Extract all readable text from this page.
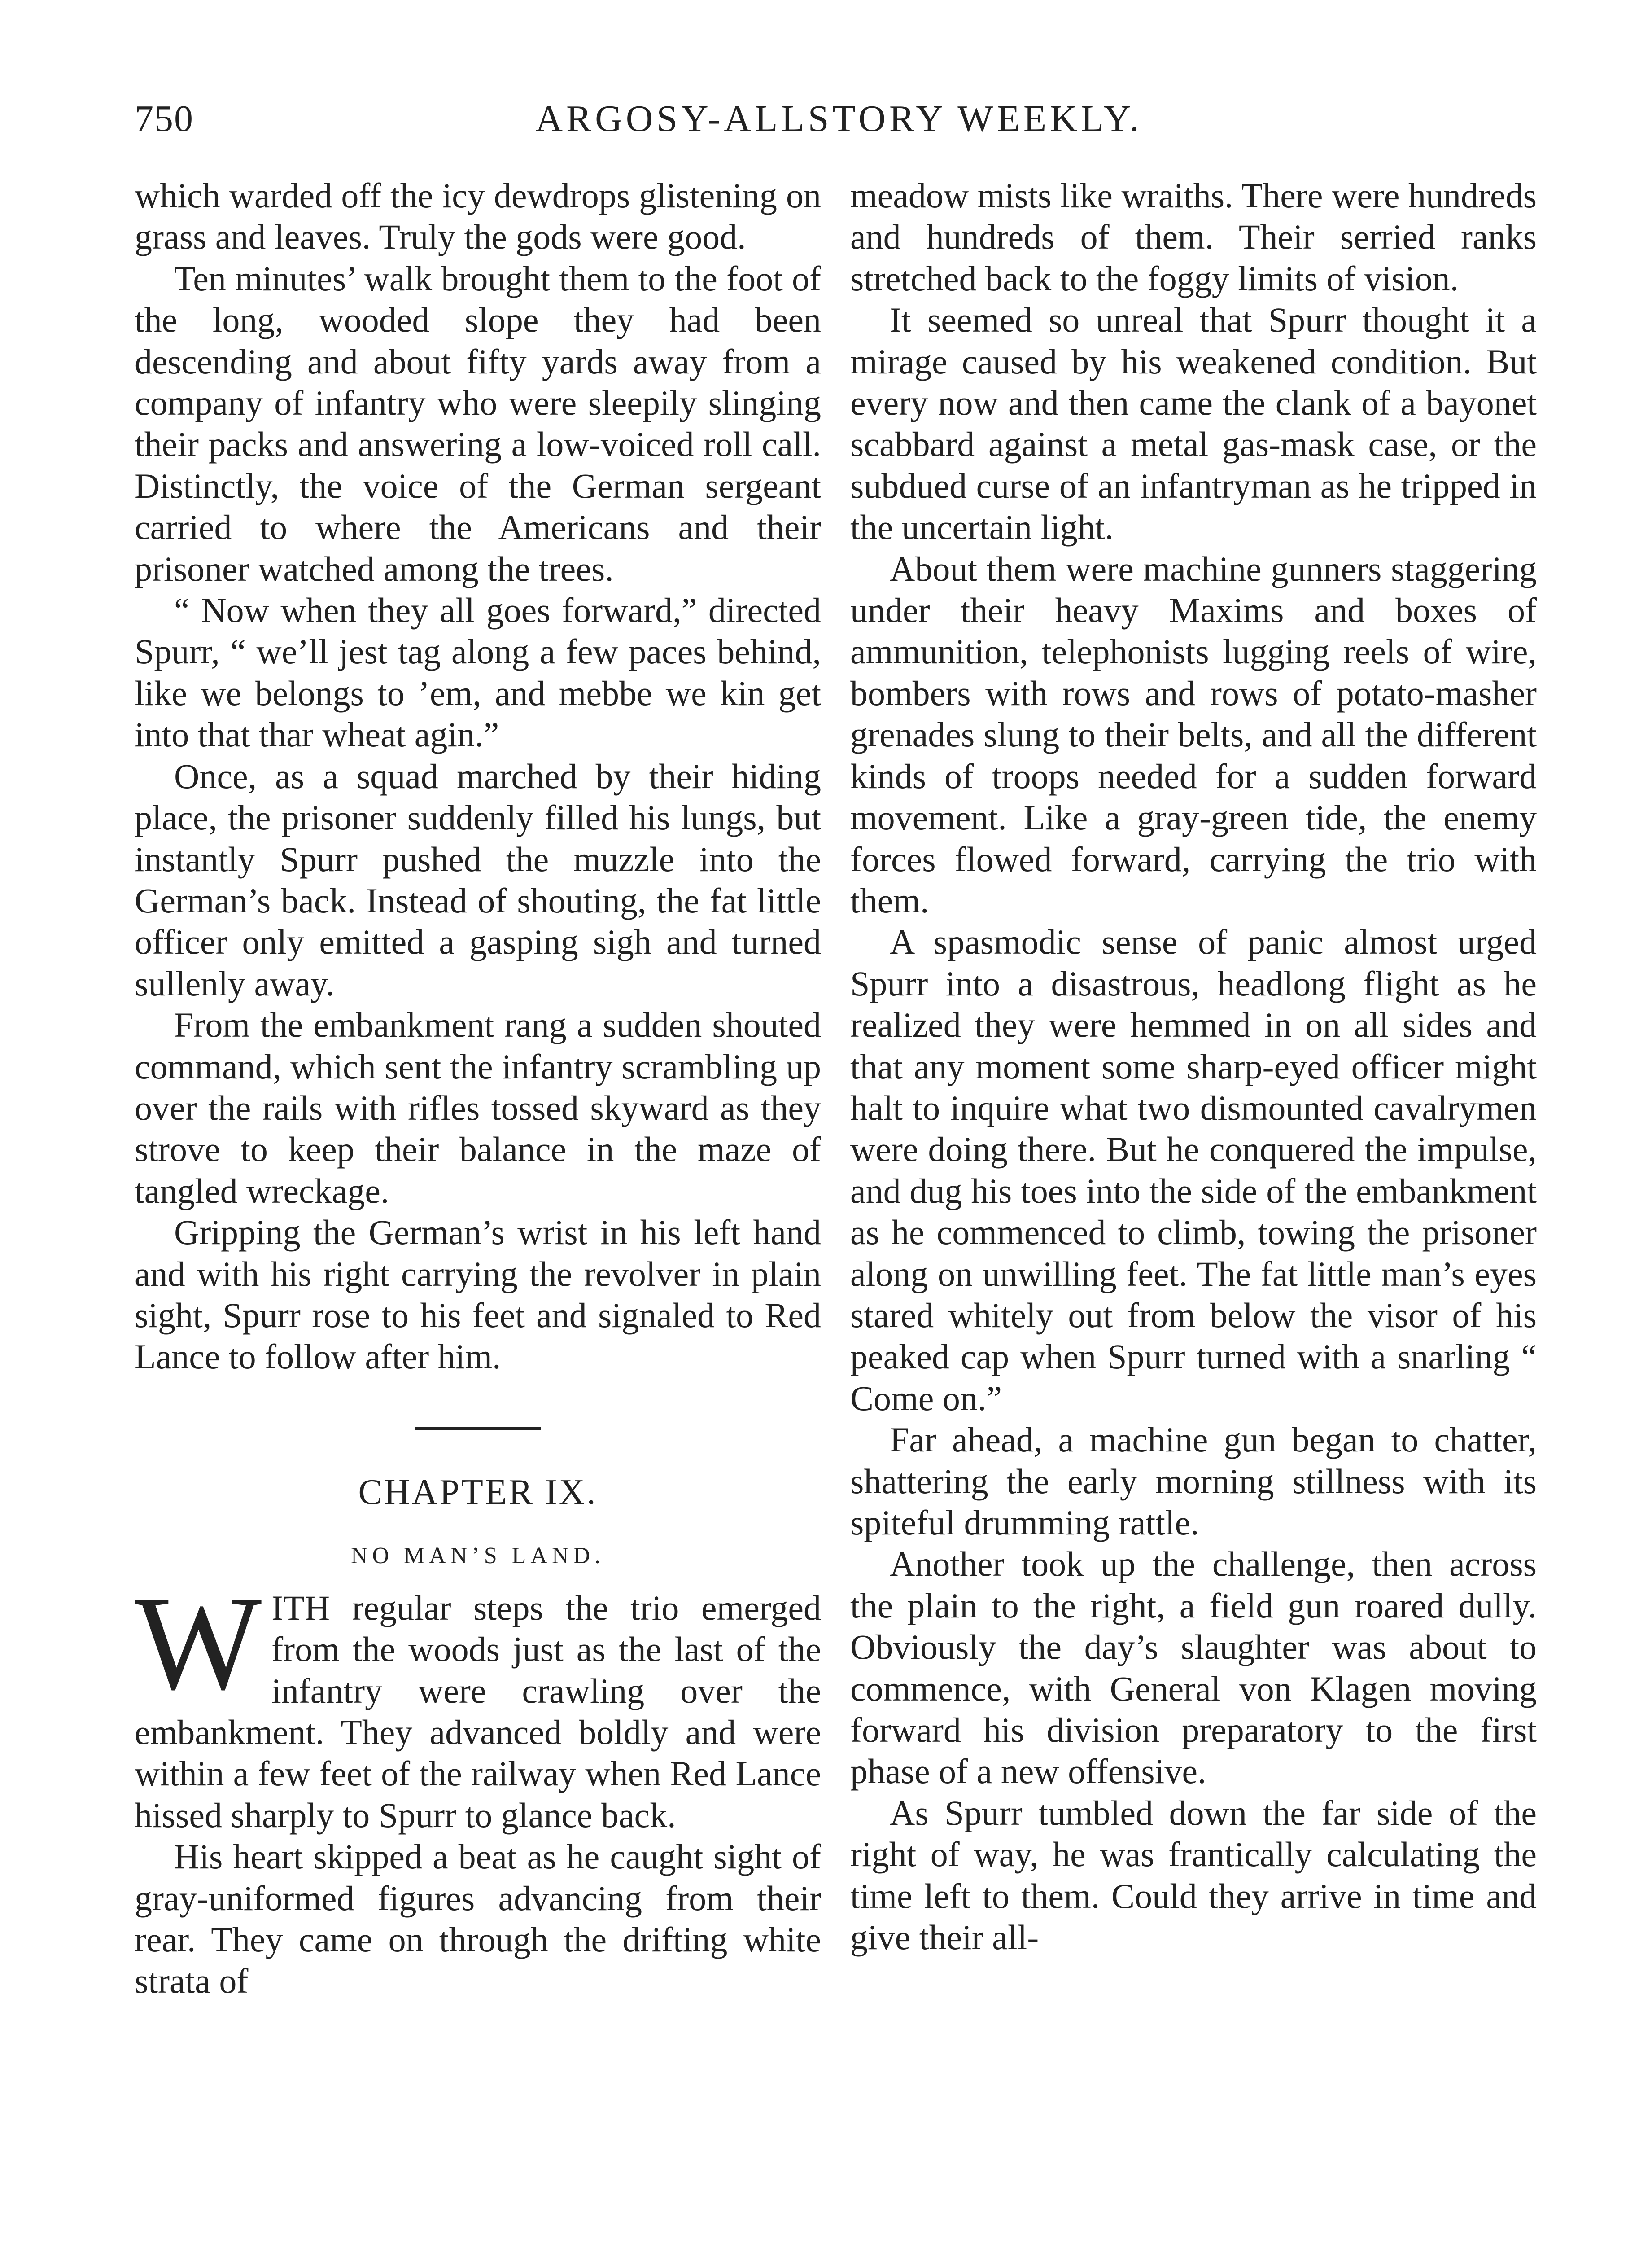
750	ARGOSY-ALLSTORY WEEKLY.

which warded off the icy dewdrops glistening on grass and leaves. Truly the gods were good.

Ten minutes’ walk brought them to the foot of the long, wooded slope they had been descending and about fifty yards away from a company of infantry who were sleepily slinging their packs and answering a low-voiced roll call. Distinctly, the voice of the German sergeant carried to where the Americans and their prisoner watched among the trees.

“ Now when they all goes forward,” directed Spurr, “ we’ll jest tag along a few paces behind, like we belongs to ’em, and mebbe we kin get into that thar wheat agin.”

Once, as a squad marched by their hiding place, the prisoner suddenly filled his lungs, but instantly Spurr pushed the muzzle into the German’s back. Instead of shouting, the fat little officer only emitted a gasping sigh and turned sullenly away.

From the embankment rang a sudden shouted command, which sent the infantry scrambling up over the rails with rifles tossed skyward as they strove to keep their balance in the maze of tangled wreckage.

Gripping the German’s wrist in his left hand and with his right carrying the revolver in plain sight, Spurr rose to his feet and signaled to Red Lance to follow after him.

CHAPTER IX.
NO MAN’S LAND.

WITH regular steps the trio emerged from the woods just as the last of the infantry were crawling over the embankment. They advanced boldly and were within a few feet of the railway when Red Lance hissed sharply to Spurr to glance back.

His heart skipped a beat as he caught sight of gray-uniformed figures advancing from their rear. They came on through the drifting white strata of

meadow mists like wraiths. There were hundreds and hundreds of them. Their serried ranks stretched back to the foggy limits of vision.

It seemed so unreal that Spurr thought it a mirage caused by his weakened condition. But every now and then came the clank of a bayonet scabbard against a metal gas-mask case, or the subdued curse of an infantryman as he tripped in the uncertain light.

About them were machine gunners staggering under their heavy Maxims and boxes of ammunition, telephonists lugging reels of wire, bombers with rows and rows of potato-masher grenades slung to their belts, and all the different kinds of troops needed for a sudden forward movement. Like a gray-green tide, the enemy forces flowed forward, carrying the trio with them.

A spasmodic sense of panic almost urged Spurr into a disastrous, headlong flight as he realized they were hemmed in on all sides and that any moment some sharp-eyed officer might halt to inquire what two dismounted cavalrymen were doing there. But he conquered the impulse, and dug his toes into the side of the embankment as he commenced to climb, towing the prisoner along on unwilling feet. The fat little man’s eyes stared whitely out from below the visor of his peaked cap when Spurr turned with a snarling “ Come on.”

Far ahead, a machine gun began to chatter, shattering the early morning stillness with its spiteful drumming rattle.

Another took up the challenge, then across the plain to the right, a field gun roared dully. Obviously the day’s slaughter was about to commence, with General von Klagen moving forward his division preparatory to the first phase of a new offensive.

As Spurr tumbled down the far side of the right of way, he was frantically calculating the time left to them. Could they arrive in time and give their all-
